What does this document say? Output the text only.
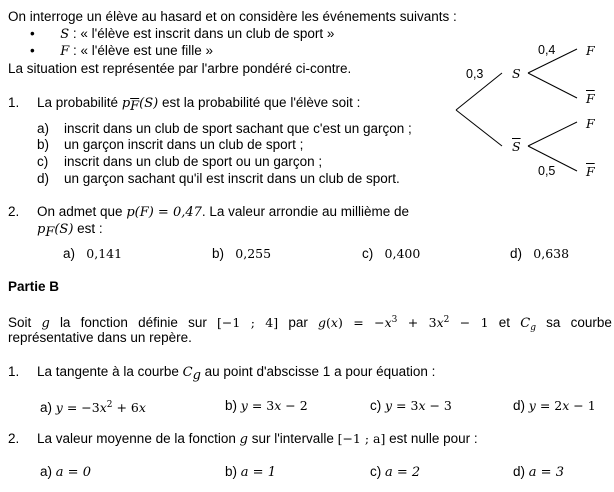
On interroge un élève au hasard et on considère les événements suivants :
• S : « l'élève est inscrit dans un club de sport »
• F : « l'élève est une fille »
La situation est représentée par l'arbre pondéré ci-contre.	0,3
0,4
0,5
S
$\overline{S}$
F
$\overline{F}$
F
$\overline{F}$
1. La probabilité $p_{\overline{F}}(S)$ est la probabilité que l'élève soit :
a) inscrit dans un club de sport sachant que c'est un garçon ;
b) un garçon inscrit dans un club de sport ;
c) inscrit dans un club de sport ou un garçon ;
d) un garçon sachant qu'il est inscrit dans un club de sport.
2. On admet que p(F) = 0,47. La valeur arrondie au millième de
$p_F(S)$ est :
a) 0,141	b) 0,255	c) 0,400	d) 0,638
Partie B
Soit g la fonction définie sur [−1 ; 4] par $g(x) = -x^3 + 3x^2 - 1$ et $C_g$ sa courbe
représentative dans un repère.
1. La tangente à la courbe $C_g$ au point d'abscisse 1 a pour équation :
a) $y = -3x^2 + 6x$	b) y = 3x − 2	c) y = 3x − 3	d) y = 2x − 1
2. La valeur moyenne de la fonction g sur l'intervalle [−1 ; a] est nulle pour :
a) a = 0	b) a = 1	c) a = 2	d) a = 3
